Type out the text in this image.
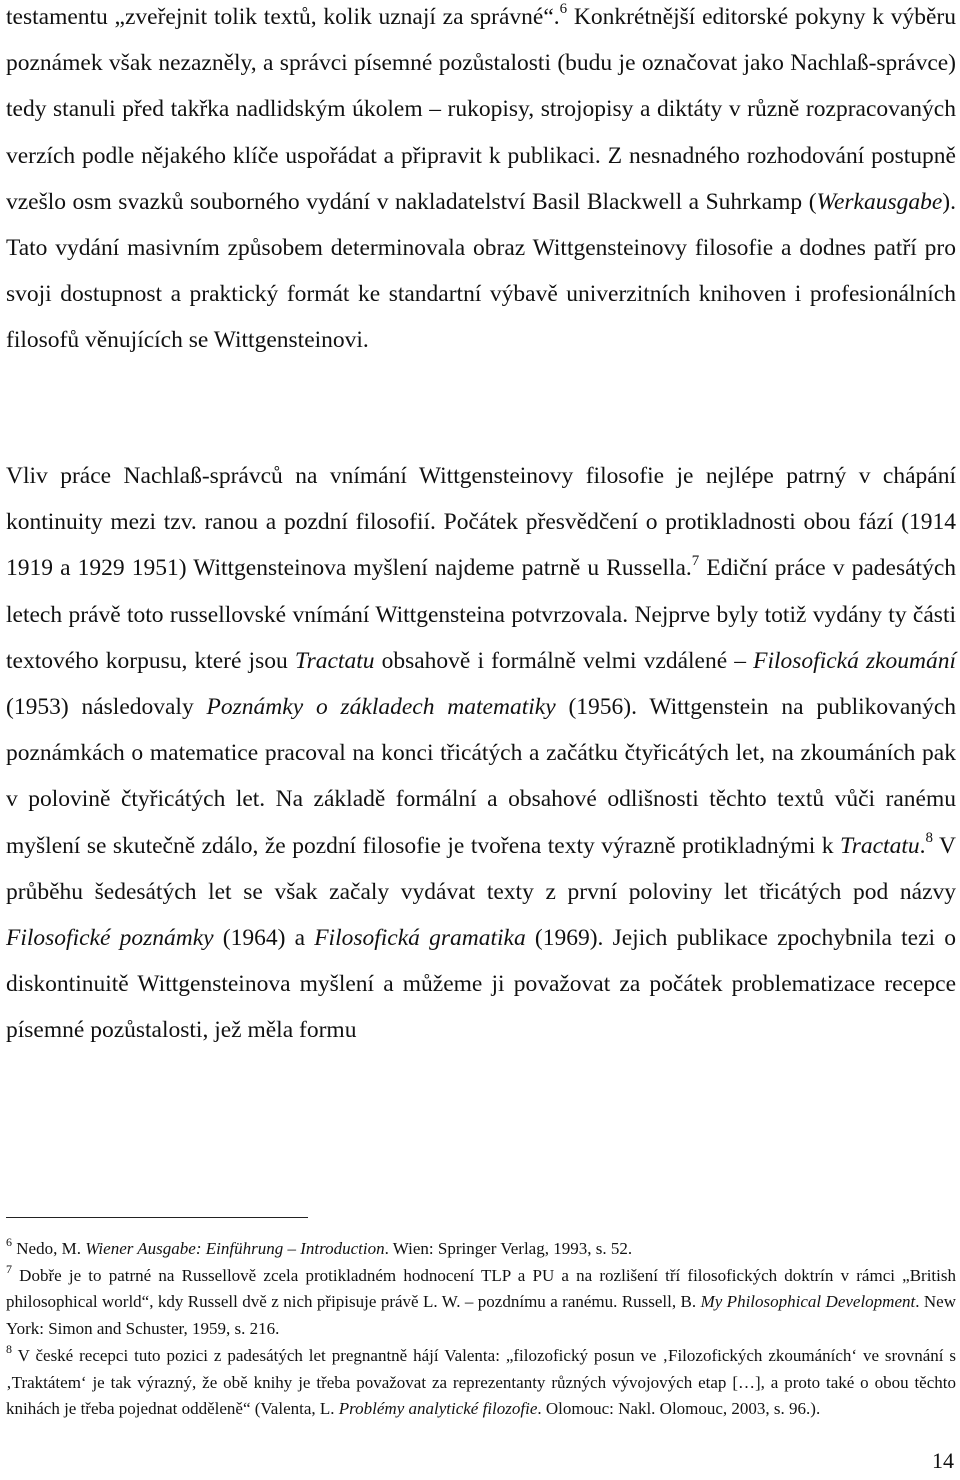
testamentu „zveřejnit tolik textů, kolik uznají za správné“.$^6$ Konkrétnější editorské pokyny k výběru poznámek však nezazněly, a správci písemné pozůstalosti (budu je označovat jako Nachlaß-správce) tedy stanuli před takřka nadlidským úkolem – rukopisy, strojopisy a diktáty v různě rozpracovaných verzích podle nějakého klíče uspořádat a připravit k publikaci. Z nesnadného rozhodování postupně vzešlo osm svazků souborného vydání v nakladatelství Basil Blackwell a Suhrkamp (Werkausgabe). Tato vydání masivním způsobem determinovala obraz Wittgensteinovy filosofie a dodnes patří pro svoji dostupnost a praktický formát ke standartní výbavě univerzitních knihoven i profesionálních filosofů věnujících se Wittgensteinovi.

Vliv práce Nachlaß-správců na vnímání Wittgensteinovy filosofie je nejlépe patrný v chápání kontinuity mezi tzv. ranou a pozdní filosofií. Počátek přesvědčení o protikladnosti obou fází (1914 1919 a 1929 1951) Wittgensteinova myšlení najdeme patrně u Russella.$^7$ Ediční práce v padesátých letech právě toto russellovské vnímání Wittgensteina potvrzovala. Nejprve byly totiž vydány ty části textového korpusu, které jsou Tractatu obsahově i formálně velmi vzdálené – Filosofická zkoumání (1953) následovaly Poznámky o základech matematiky (1956). Wittgenstein na publikovaných poznámkách o matematice pracoval na konci třicátých a začátku čtyřicátých let, na zkoumáních pak v polovině čtyřicátých let. Na základě formální a obsahové odlišnosti těchto textů vůči ranému myšlení se skutečně zdálo, že pozdní filosofie je tvořena texty výrazně protikladnými k Tractatu.$^8$ V průběhu šedesátých let se však začaly vydávat texty z první poloviny let třicátých pod názvy Filosofické poznámky (1964) a Filosofická gramatika (1969). Jejich publikace zpochybnila tezi o diskontinuitě Wittgensteinova myšlení a můžeme ji považovat za počátek problematizace recepce písemné pozůstalosti, jež měla formu

$^6$ Nedo, M. Wiener Ausgabe: Einführung – Introduction. Wien: Springer Verlag, 1993, s. 52.

$^7$ Dobře je to patrné na Russellově zcela protikladném hodnocení TLP a PU a na rozlišení tří filosofických doktrín v rámci „British philosophical world“, kdy Russell dvě z nich připisuje právě L. W. – pozdnímu a ranému. Russell, B. My Philosophical Development. New York: Simon and Schuster, 1959, s. 216.

$^8$ V české recepci tuto pozici z padesátých let pregnantně hájí Valenta: „filozofický posun ve ‚Filozofických zkoumáních‘ ve srovnání s ‚Traktátem‘ je tak výrazný, že obě knihy je třeba považovat za reprezentanty různých vývojových etap […], a proto také o obou těchto knihách je třeba pojednat odděleně“ (Valenta, L. Problémy analytické filozofie. Olomouc: Nakl. Olomouc, 2003, s. 96.).

14
